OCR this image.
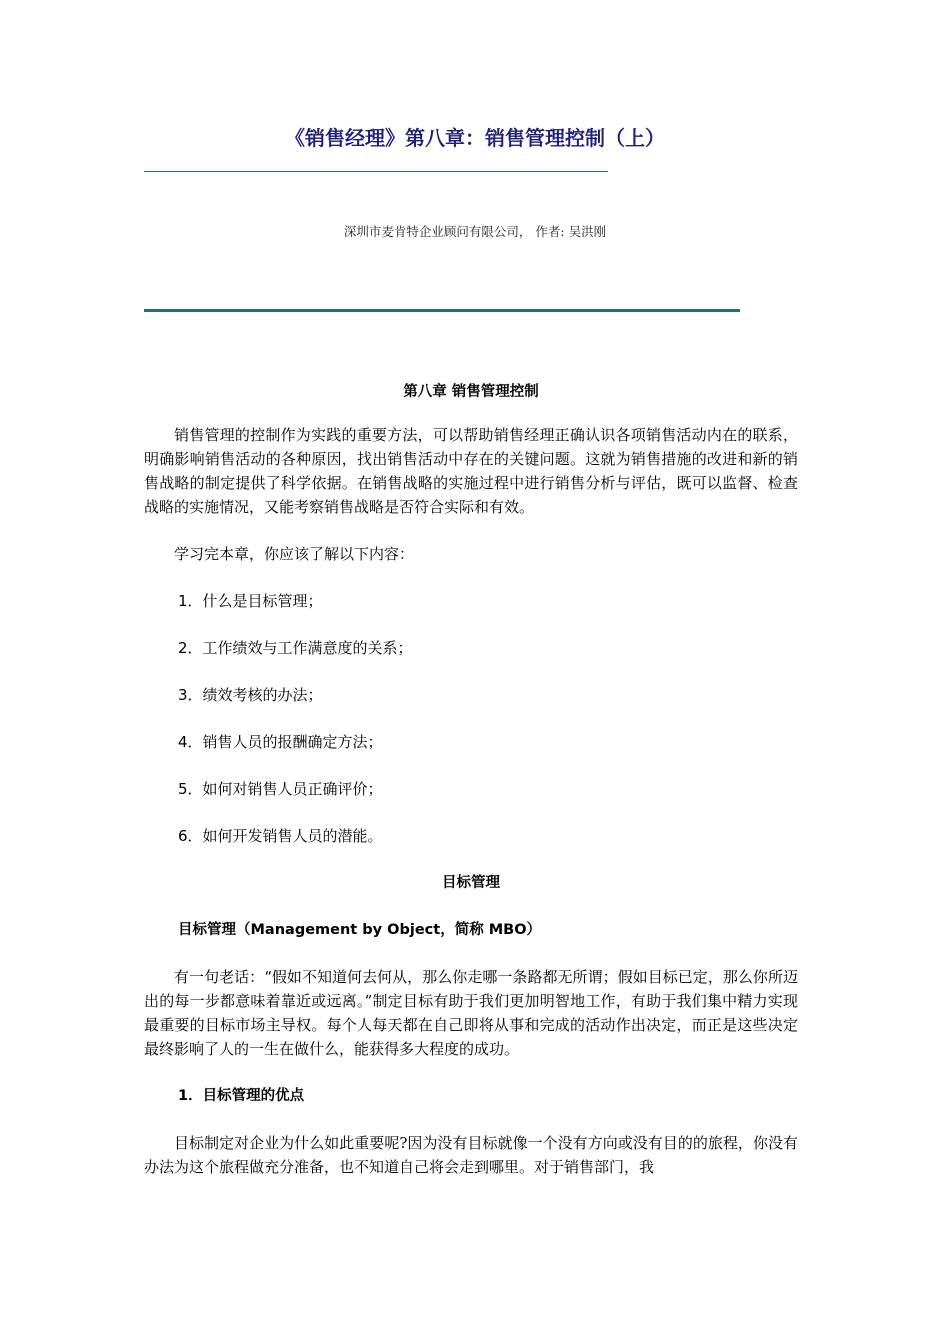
《销售经理》第八章：销售管理控制（上）
深圳市麦肯特企业顾问有限公司， 作者: 吴洪刚
第八章 销售管理控制

销售管理的控制作为实践的重要方法，可以帮助销售经理正确认识各项销售活动内在的联系，明确影响销售活动的各种原因，找出销售活动中存在的关键问题。这就为销售措施的改进和新的销售战略的制定提供了科学依据。在销售战略的实施过程中进行销售分析与评估，既可以监督、检查战略的实施情况，又能考察销售战略是否符合实际和有效。

学习完本章，你应该了解以下内容：

1．什么是目标管理；
2．工作绩效与工作满意度的关系；
3．绩效考核的办法；
4．销售人员的报酬确定方法；
5．如何对销售人员正确评价；
6．如何开发销售人员的潜能。
目标管理
目标管理（Management by Object，简称 MBO）

有一句老话：“假如不知道何去何从，那么你走哪一条路都无所谓；假如目标已定，那么你所迈出的每一步都意味着靠近或远离。”制定目标有助于我们更加明智地工作，有助于我们集中精力实现最重要的目标市场主导权。每个人每天都在自己即将从事和完成的活动作出决定，而正是这些决定最终影响了人的一生在做什么，能获得多大程度的成功。

1．目标管理的优点

目标制定对企业为什么如此重要呢?因为没有目标就像一个没有方向或没有目的的旅程，你没有办法为这个旅程做充分准备，也不知道自己将会走到哪里。对于销售部门，我
